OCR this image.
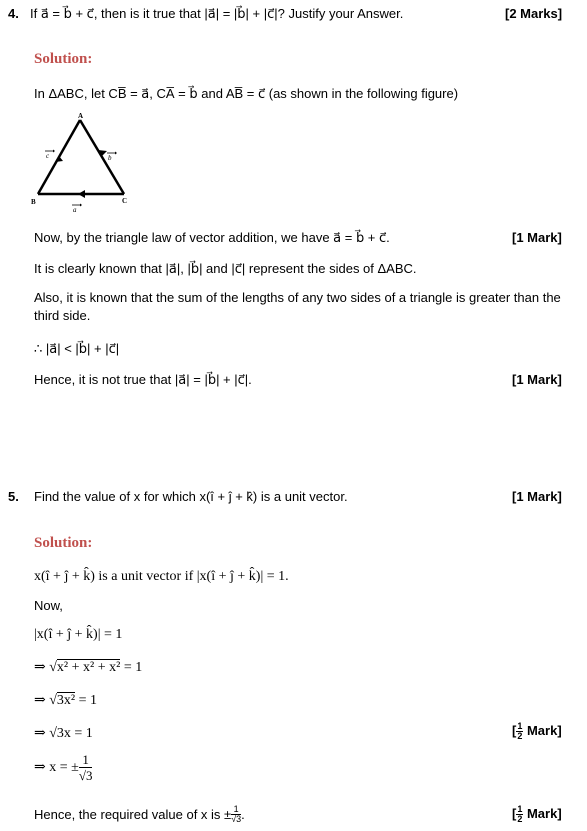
4. If a⃗ = b⃗ + c⃗, then is it true that |a⃗| = |b⃗| + |c⃗|? Justify your Answer.	[2 Marks]
Solution:
In ΔABC, let CB̅ = a⃗, CA̅ = b⃗ and AB̅ = c⃗ (as shown in the following figure)
A
B	C
c	b
a
Now, by the triangle law of vector addition, we have a⃗ = b⃗ + c⃗.	[1 Mark]
It is clearly known that |a⃗|, |b⃗| and |c⃗| represent the sides of ΔABC.
Also, it is known that the sum of the lengths of any two sides of a triangle is greater than the
third side.
∴ |a⃗| < |b⃗| + |c⃗|
Hence, it is not true that |a⃗| = |b⃗| + |c⃗|.	[1 Mark]
5. Find the value of x for which x(î + ĵ + k̂) is a unit vector.	[1 Mark]
Solution:
x(î + ĵ + k̂) is a unit vector if |x(î + ĵ + k̂)| = 1.
Now,
|x(î + ĵ + k̂)| = 1
⇒ √x² + x² + x² = 1
⇒ √3x² = 1
⇒ √3x = 1	[ $\frac{1}{2}$ Mark]
⇒ x = ± $\frac{1}{√3}$
Hence, the required value of x is ± $\frac{1}{√3}$ .	[ $\frac{1}{2}$ Mark]
